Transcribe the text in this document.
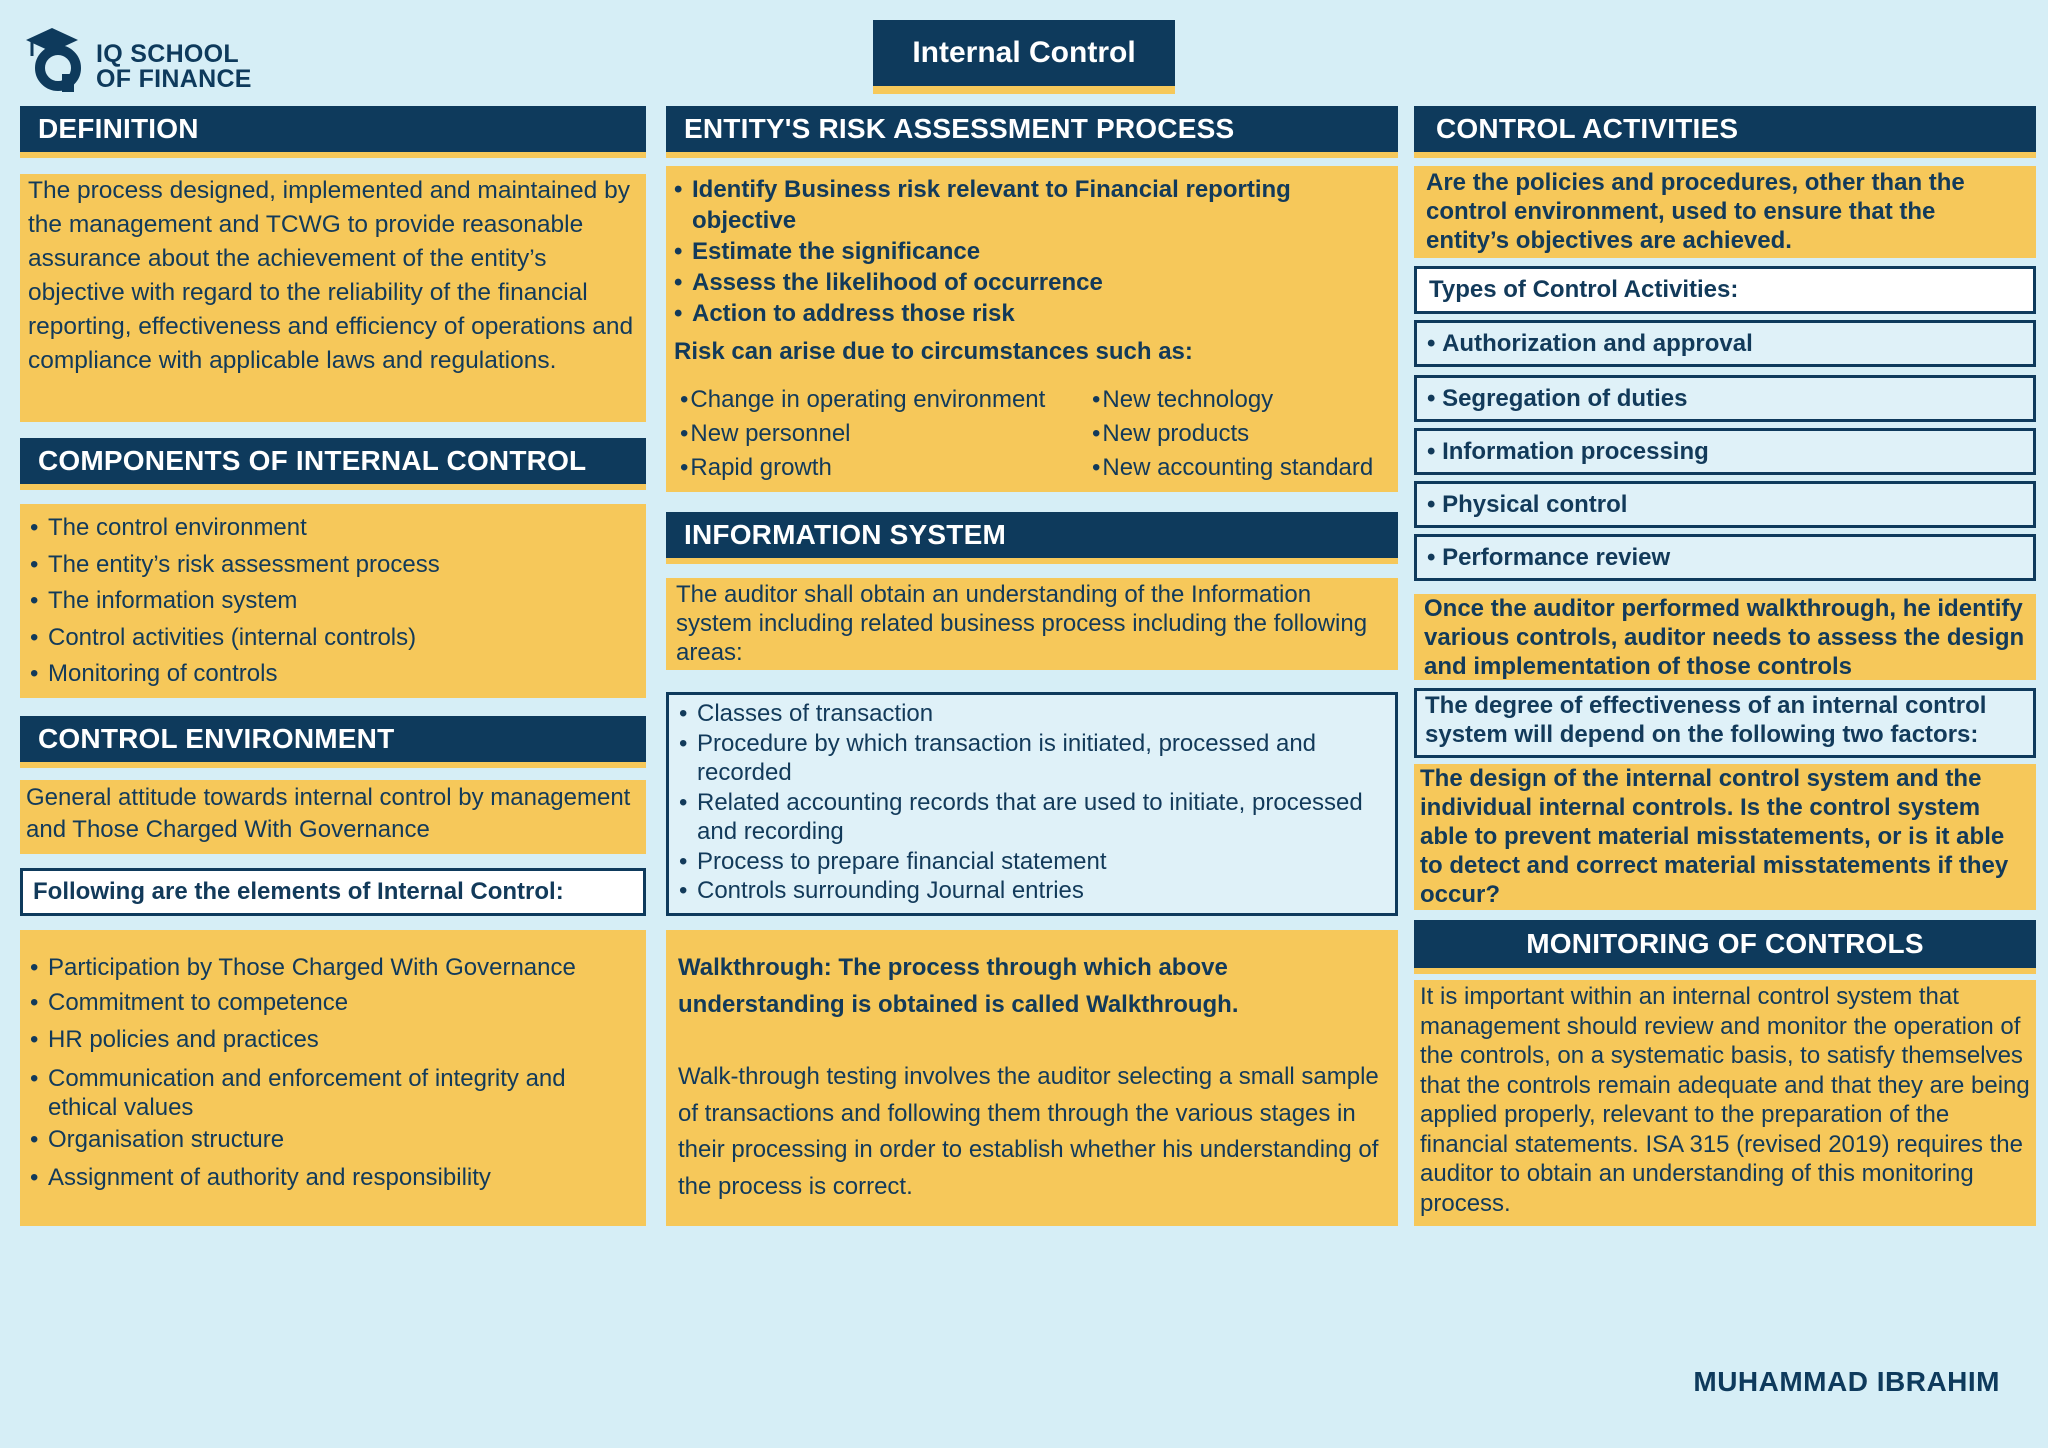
IQ SCHOOL
OF FINANCE
Internal Control
DEFINITION
The process designed, implemented and maintained by the management and TCWG to provide reasonable assurance about the achievement of the entity’s objective with regard to the reliability of the financial reporting, effectiveness and efficiency of operations and compliance with applicable laws and regulations.
COMPONENTS OF INTERNAL CONTROL
• The control environment
• The entity’s risk assessment process
• The information system
• Control activities (internal controls)
• Monitoring of controls
CONTROL ENVIRONMENT
General attitude towards internal control by management and Those Charged With Governance
Following are the elements of Internal Control:
• Participation by Those Charged With Governance
• Commitment to competence
• HR policies and practices
• Communication and enforcement of integrity and ethical values
• Organisation structure
• Assignment of authority and responsibility
ENTITY'S RISK ASSESSMENT PROCESS
• Identify Business risk relevant to Financial reporting objective
• Estimate the significance
• Assess the likelihood of occurrence
• Action to address those risk
Risk can arise due to circumstances such as:
• Change in operating environment
• New personnel
• Rapid growth
• New technology
• New products
• New accounting standard
INFORMATION SYSTEM
The auditor shall obtain an understanding of the Information system including related business process including the following areas:
• Classes of transaction
• Procedure by which transaction is initiated, processed and recorded
• Related accounting records that are used to initiate, processed and recording
• Process to prepare financial statement
• Controls surrounding Journal entries
Walkthrough: The process through which above understanding is obtained is called Walkthrough.
Walk-through testing involves the auditor selecting a small sample of transactions and following them through the various stages in their processing in order to establish whether his understanding of the process is correct.
CONTROL ACTIVITIES
Are the policies and procedures, other than the control environment, used to ensure that the entity’s objectives are achieved.
Types of Control Activities:
• Authorization and approval
• Segregation of duties
• Information processing
• Physical control
• Performance review
Once the auditor performed walkthrough, he identify various controls, auditor needs to assess the design and implementation of those controls
The degree of effectiveness of an internal control system will depend on the following two factors:
The design of the internal control system and the individual internal controls. Is the control system able to prevent material misstatements, or is it able to detect and correct material misstatements if they occur?
MONITORING OF CONTROLS
It is important within an internal control system that management should review and monitor the operation of the controls, on a systematic basis, to satisfy themselves that the controls remain adequate and that they are being applied properly, relevant to the preparation of the financial statements. ISA 315 (revised 2019) requires the auditor to obtain an understanding of this monitoring process.
MUHAMMAD IBRAHIM
